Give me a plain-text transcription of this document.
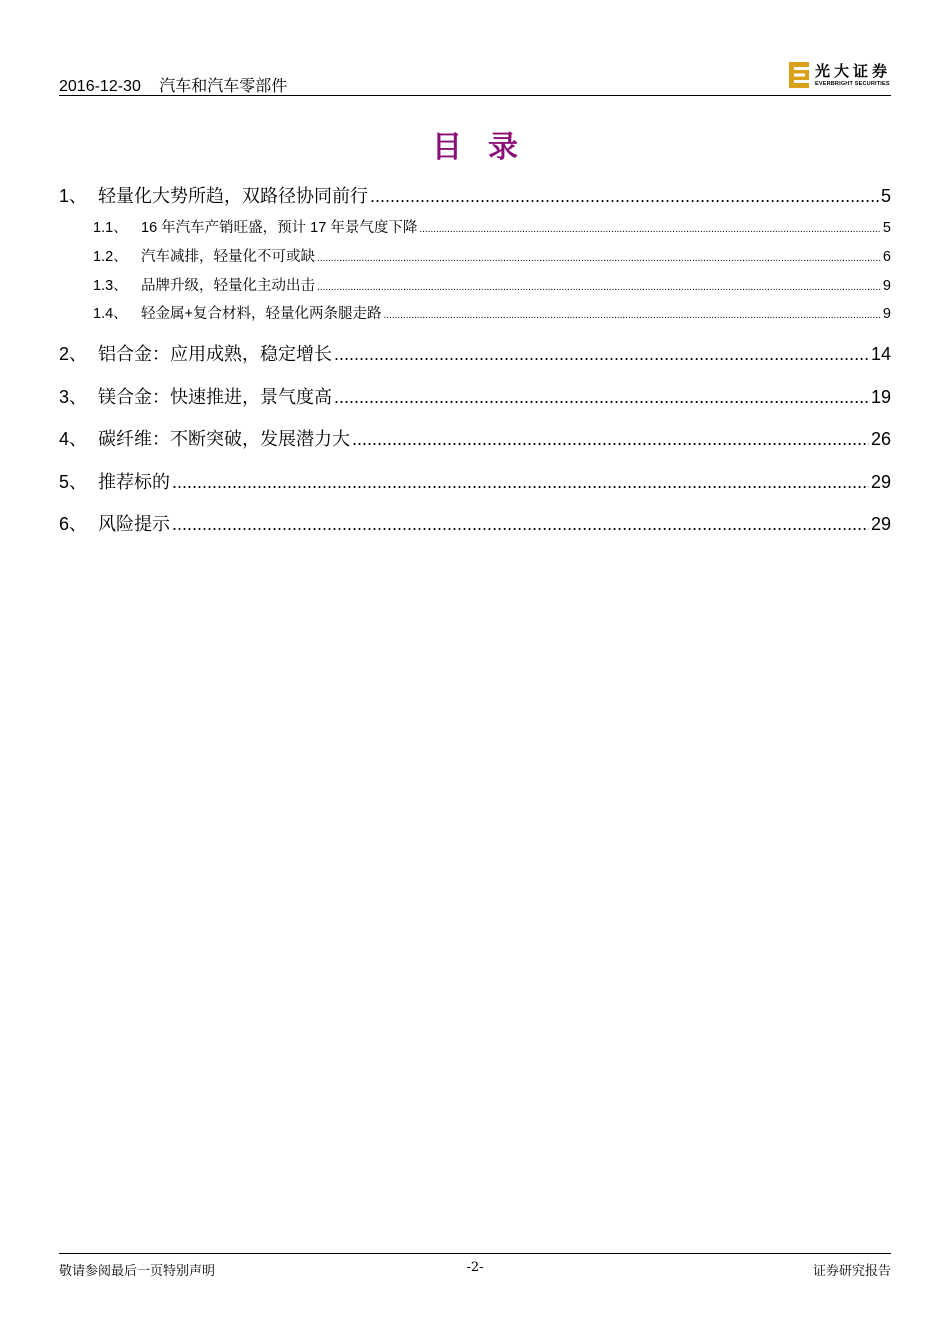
2016-12-30 汽车和汽车零部件
光大证券
EVERBRIGHT SECURITIES
目录
1、 轻量化大势所趋，双路径协同前行 .....	5
1.1、 16 年汽车产销旺盛，预计 17 年景气度下降 .....	5
1.2、 汽车减排，轻量化不可或缺 .....	6
1.3、 品牌升级，轻量化主动出击 .....	9
1.4、 轻金属+复合材料，轻量化两条腿走路 .....	9
2、 铝合金：应用成熟，稳定增长 .....	14
3、 镁合金：快速推进，景气度高 .....	19
4、 碳纤维：不断突破，发展潜力大 .....	26
5、 推荐标的 .....	29
6、 风险提示 .....	29
敬请参阅最后一页特别声明	-2-	证券研究报告
